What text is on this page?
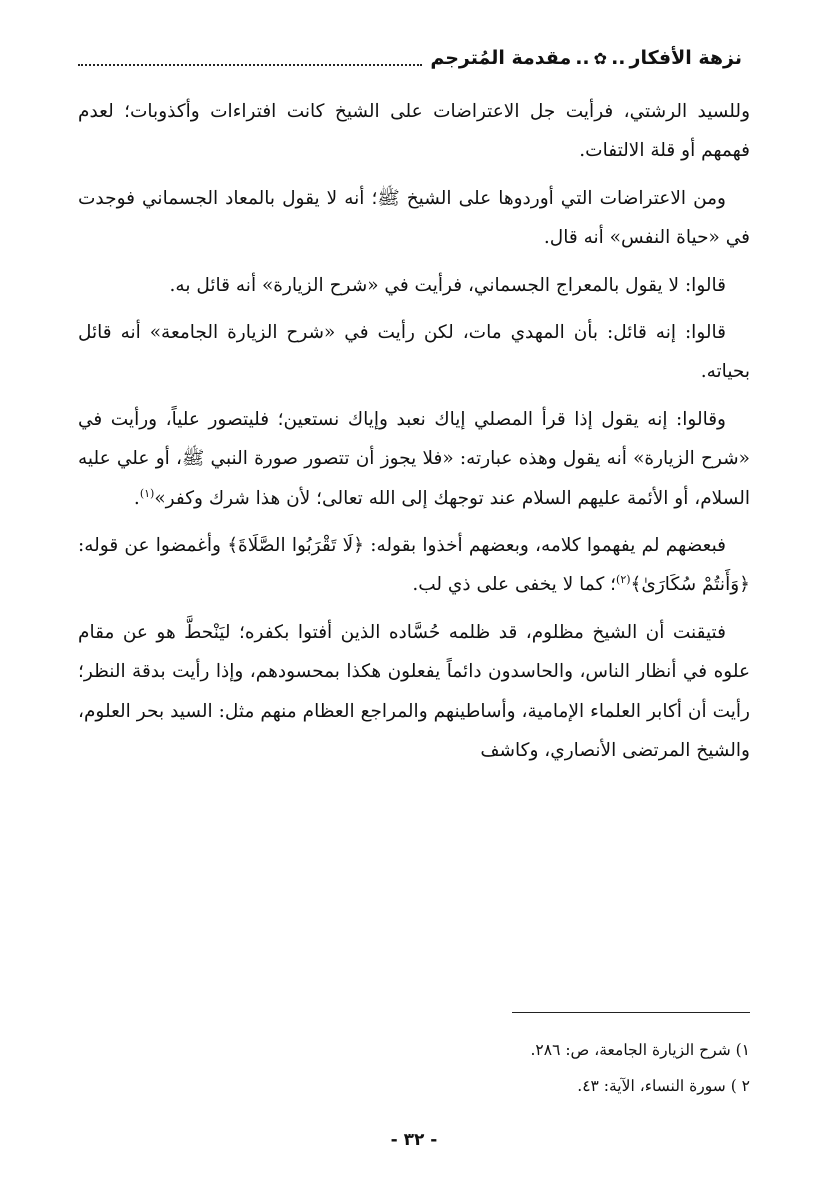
نزهة الأفكار
..
✿
..
مقدمة المُترجم

وللسيد الرشتي، فرأيت جل الاعتراضات على الشيخ كانت افتراءات وأكذوبات؛ لعدم فهمهم أو قلة الالتفات.

ومن الاعتراضات التي أوردوها على الشيخ ﷺ؛ أنه لا يقول بالمعاد الجسماني فوجدت في «حياة النفس» أنه قال.

قالوا: لا يقول بالمعراج الجسماني، فرأيت في «شرح الزيارة» أنه قائل به.

قالوا: إنه قائل: بأن المهدي مات، لكن رأيت في «شرح الزيارة الجامعة» أنه قائل بحياته.

وقالوا: إنه يقول إذا قرأ المصلي إياك نعبد وإياك نستعين؛ فليتصور علياً، ورأيت في «شرح الزيارة» أنه يقول وهذه عبارته: «فلا يجوز أن تتصور صورة النبي ﷺ، أو علي عليه السلام، أو الأئمة عليهم السلام عند توجهك إلى الله تعالى؛ لأن هذا شرك وكفر»$^{(١)}$.

فبعضهم لم يفهموا كلامه، وبعضهم أخذوا بقوله: ﴿لَا تَقْرَبُوا الصَّلَاةَ﴾ وأغمضوا عن قوله: ﴿وَأَنتُمْ سُكَارَىٰ﴾$^{(٢)}$؛ كما لا يخفى على ذي لب.

فتيقنت أن الشيخ مظلوم، قد ظلمه حُسَّاده الذين أفتوا بكفره؛ ليَنْحطَّ هو عن مقام علوه في أنظار الناس، والحاسدون دائماً يفعلون هكذا بمحسودهم، وإذا رأيت بدقة النظر؛ رأيت أن أكابر العلماء الإمامية، وأساطينهم والمراجع العظام منهم مثل: السيد بحر العلوم، والشيخ المرتضى الأنصاري، وكاشف

١) شرح الزيارة الجامعة، ص: ٢٨٦.
٢ ) سورة النساء، الآية: ٤٣.
- ٣٢ -
